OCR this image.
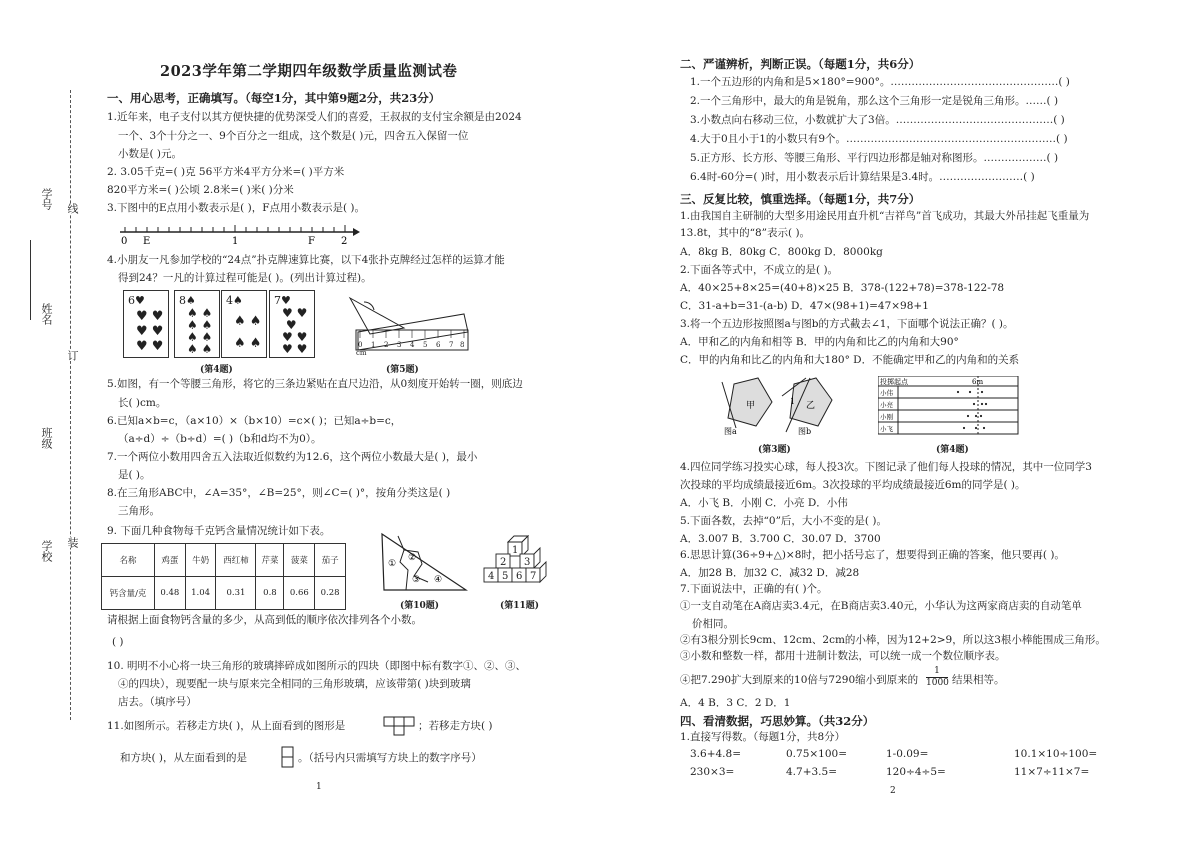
学号 线
姓名
订
班级
装
学校
2023学年第二学期四年级数学质量监测试卷
一、用心思考，正确填写。（每空1分，其中第9题2分，共23分）
1.近年来，电子支付以其方便快捷的优势深受人们的喜爱，王叔叔的支付宝余额是由2024
一个、3个十分之一、9个百分之一组成，这个数是( )元，四舍五入保留一位
小数是( )元。
2. 3.05千克=( )克 56平方米4平方分米=( )平方米
820平方米=( )公顷 2.8米=( )米( )分米
3.下图中的E点用小数表示是( )，F点用小数表示是( )。
0 E	1	F	2
4.小朋友一凡参加学校的“24点”扑克牌速算比赛，以下4张扑克牌经过怎样的运算才能
得到24？一凡的计算过程可能是( )。(列出计算过程)。
6♥
♥ ♥
♥ ♥
♥ ♥
8♠
♠ ♠
♠ ♠
♠ ♠
♠ ♠
4♠
♠ ♠
♠ ♠
7♥
♥ ♥
♥
♥ ♥
♥ ♥
(第4题)
0 1 2 3 4 5 6 7 8
cm
(第5题)
5.如图，有一个等腰三角形，将它的三条边紧贴在直尺边沿，从0刻度开始转一圈，则底边
长( )cm。
6.已知a×b=c，（a×10）×（b×10）=c×( )；已知a÷b=c，
（a÷d）÷（b÷d）=( )（b和d均不为0）。
7.一个两位小数用四舍五入法取近似数约为12.6，这个两位小数最大是( )，最小
是( )。
8.在三角形ABC中，∠A=35°，∠B=25°，则∠C=( )°，按角分类这是( )
三角形。
9. 下面几种食物每千克钙含量情况统计如下表。
名称	鸡蛋	牛奶	西红柿	芹菜	菠菜	茄子
钙含量/克	0.48	1.04	0.31	0.8	0.66	0.28
①
②
③ ④
(第10题)
1
2 3
4 5 6 7
(第11题)
请根据上面食物钙含量的多少，从高到低的顺序依次排列各个小数。
( )
10. 明明不小心将一块三角形的玻璃摔碎成如图所示的四块（即图中标有数字①、②、③、
④的四块），现要配一块与原来完全相同的三角形玻璃，应该带第( )块到玻璃
店去。（填序号）
11.如图所示。若移走方块( )，从上面看到的图形是	；若移走方块( )
和方块( )，从左面看到的是	。（括号内只需填写方块上的数字序号）
1
二、严谨辨析，判断正误。（每题1分，共6分）
1.一个五边形的内角和是5×180°=900°。…………………………………………( )
2.一个三角形中，最大的角是锐角，那么这个三角形一定是锐角三角形。……( )
3.小数点向右移动三位，小数就扩大了3倍。………………………………………( )
4.大于0且小于1的小数只有9个。……………………………………………………( )
5.正方形、长方形、等腰三角形、平行四边形都是轴对称图形。………………( )
6.4时-60分=( )时，用小数表示后计算结果是3.4时。……………………( )
三、反复比较，慎重选择。（每题1分，共7分）
1.由我国自主研制的大型多用途民用直升机“吉祥鸟”首飞成功，其最大外吊挂起飞重量为
13.8t，其中的“8”表示( )。
A．8kg B．80kg C．800kg D．8000kg
2.下面各等式中，不成立的是( )。
A．40×25+8×25=(40+8)×25 B．378-(122+78)=378-122-78
C．31-a+b=31-(a-b) D．47×(98+1)=47×98+1
3.将一个五边形按照图a与图b的方式截去∠1，下面哪个说法正确？( )。
A．甲和乙的内角和相等 B．甲的内角和比乙的内角和大90°
C．甲的内角和比乙的内角和大180° D．不能确定甲和乙的内角和的关系
甲
图a
乙
1
图b
(第3题)
投掷起点	6m
小伟
小亮
小刚
小飞
(第4题)
4.四位同学练习投实心球，每人投3次。下图记录了他们每人投球的情况，其中一位同学3
次投球的平均成绩最接近6m。3次投球的平均成绩最接近6m的同学是( )。
A．小飞 B．小刚 C．小亮 D．小伟
5.下面各数，去掉“0”后，大小不变的是( )。
A．3.007 B．3.700 C．30.07 D．3700
6.思思计算(36÷9+△)×8时，把小括号忘了，想要得到正确的答案，他只要再( )。
A．加28 B．加32 C．减32 D．减28
7.下面说法中，正确的有( )个。
①一支自动笔在A商店卖3.4元，在B商店卖3.40元，小华认为这两家商店卖的自动笔单
价相同。
②有3根分别长9cm、12cm、2cm的小棒，因为12+2>9，所以这3根小棒能围成三角形。
③小数和整数一样，都用十进制计数法，可以统一成一个数位顺序表。
④把7.290扩大到原来的10倍与7290缩小到原来的 $\frac{1}{1000}$ 结果相等。
A．4 B．3 C．2 D．1
四、看清数据，巧思妙算。（共32分）
1.直接写得数。（每题1分，共8分）
3.6+4.8=	0.75×100=	1-0.09=	10.1×10÷100=
230×3=	4.7+3.5=	120÷4÷5=	11×7÷11×7=
2
